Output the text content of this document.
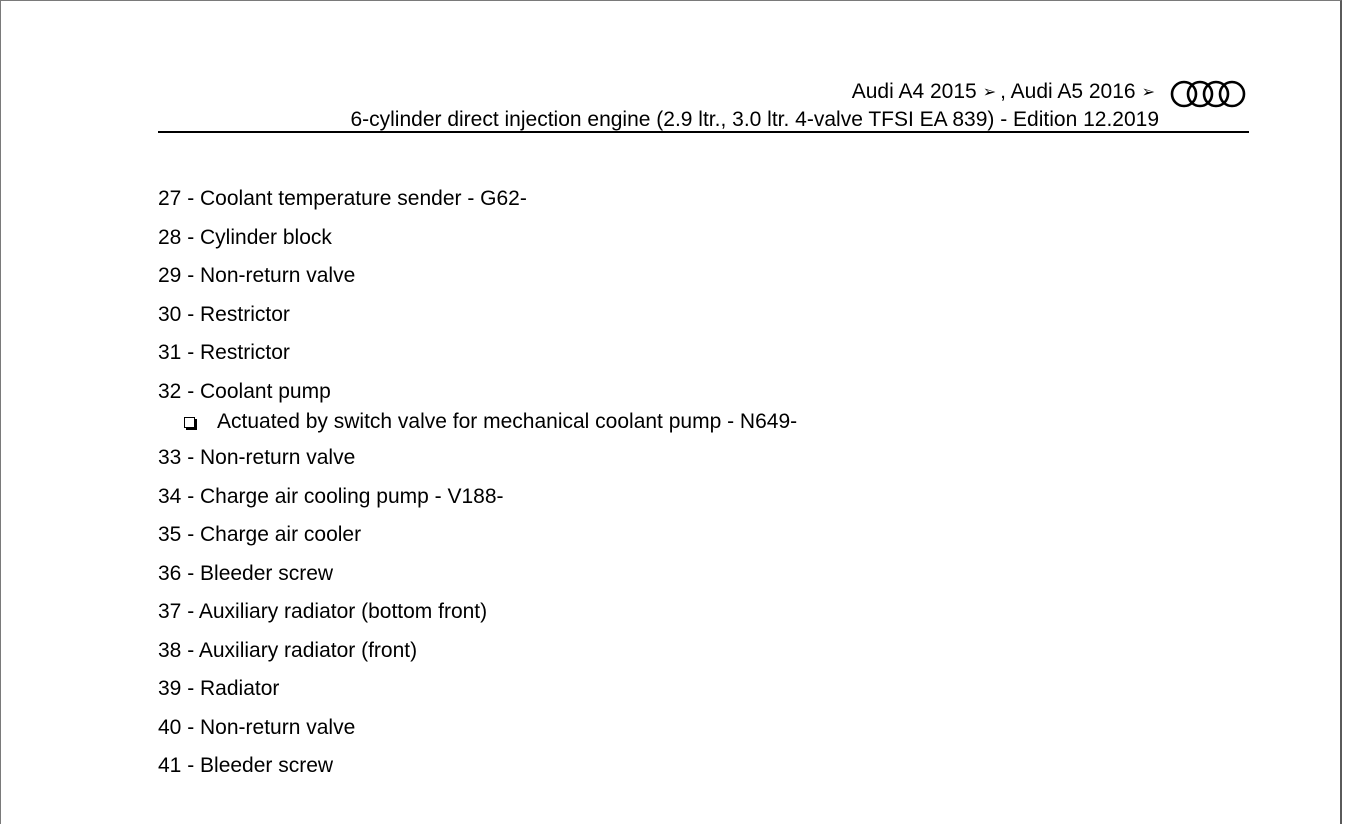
Audi A4 2015 ➢ , Audi A5 2016 ➢
6-cylinder direct injection engine (2.9 ltr., 3.0 ltr. 4-valve TFSI EA 839) - Edition 12.2019
27 - Coolant temperature sender - G62-
28 - Cylinder block
29 - Non-return valve
30 - Restrictor
31 - Restrictor
32 - Coolant pump
Actuated by switch valve for mechanical coolant pump - N649-
33 - Non-return valve
34 - Charge air cooling pump - V188-
35 - Charge air cooler
36 - Bleeder screw
37 - Auxiliary radiator (bottom front)
38 - Auxiliary radiator (front)
39 - Radiator
40 - Non-return valve
41 - Bleeder screw
